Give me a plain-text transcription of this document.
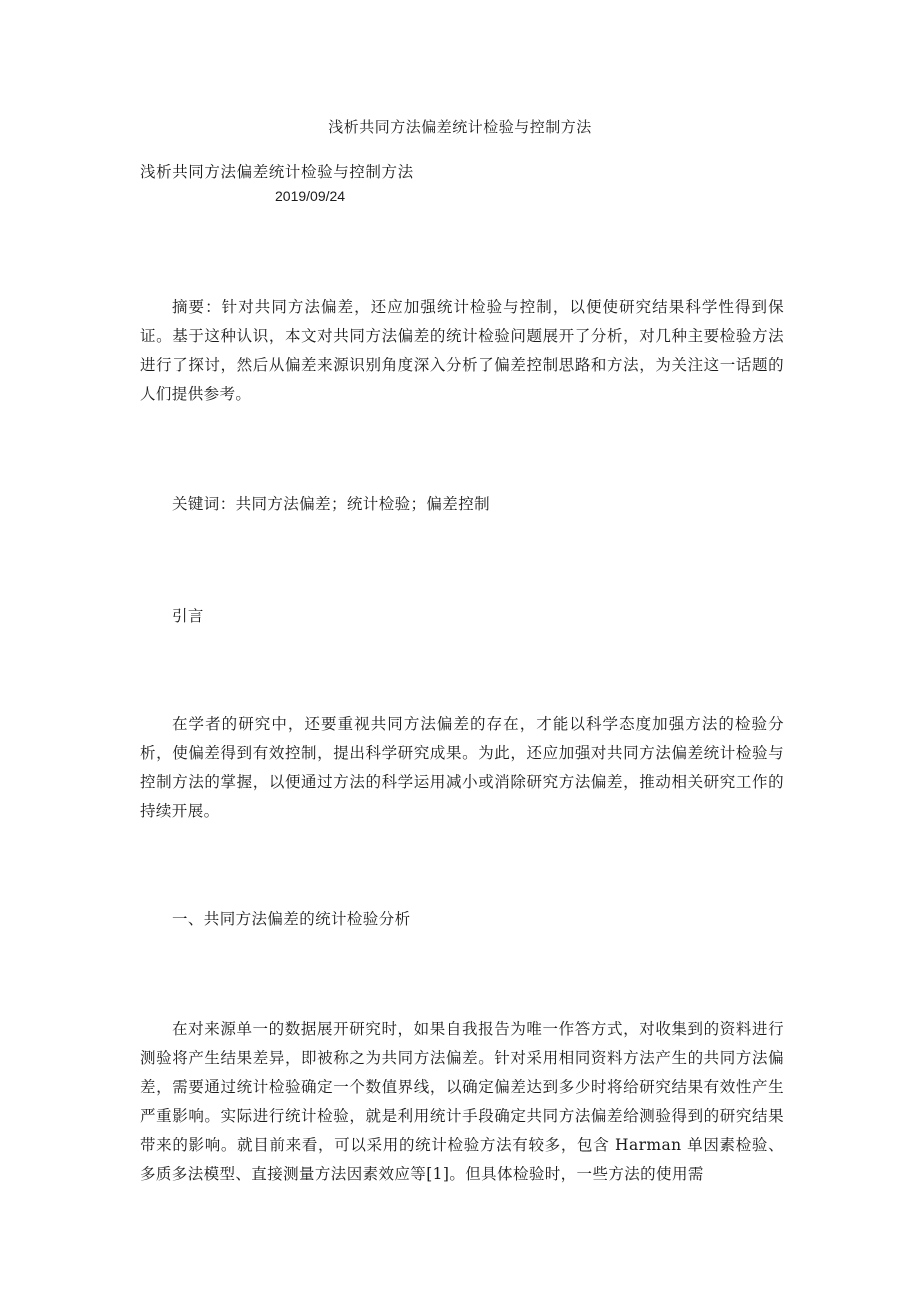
浅析共同方法偏差统计检验与控制方法
浅析共同方法偏差统计检验与控制方法
2019/09/24

摘要：针对共同方法偏差，还应加强统计检验与控制，以便使研究结果科学性得到保证。基于这种认识，本文对共同方法偏差的统计检验问题展开了分析，对几种主要检验方法进行了探讨，然后从偏差来源识别角度深入分析了偏差控制思路和方法，为关注这一话题的人们提供参考。

关键词：共同方法偏差；统计检验；偏差控制
引言

在学者的研究中，还要重视共同方法偏差的存在，才能以科学态度加强方法的检验分析，使偏差得到有效控制，提出科学研究成果。为此，还应加强对共同方法偏差统计检验与控制方法的掌握，以便通过方法的科学运用减小或消除研究方法偏差，推动相关研究工作的持续开展。

一、共同方法偏差的统计检验分析

在对来源单一的数据展开研究时，如果自我报告为唯一作答方式，对收集到的资料进行测验将产生结果差异，即被称之为共同方法偏差。针对采用相同资料方法产生的共同方法偏差，需要通过统计检验确定一个数值界线，以确定偏差达到多少时将给研究结果有效性产生严重影响。实际进行统计检验，就是利用统计手段确定共同方法偏差给测验得到的研究结果带来的影响。就目前来看，可以采用的统计检验方法有较多，包含 Harman 单因素检验、多质多法模型、直接测量方法因素效应等[1]。但具体检验时，一些方法的使用需
